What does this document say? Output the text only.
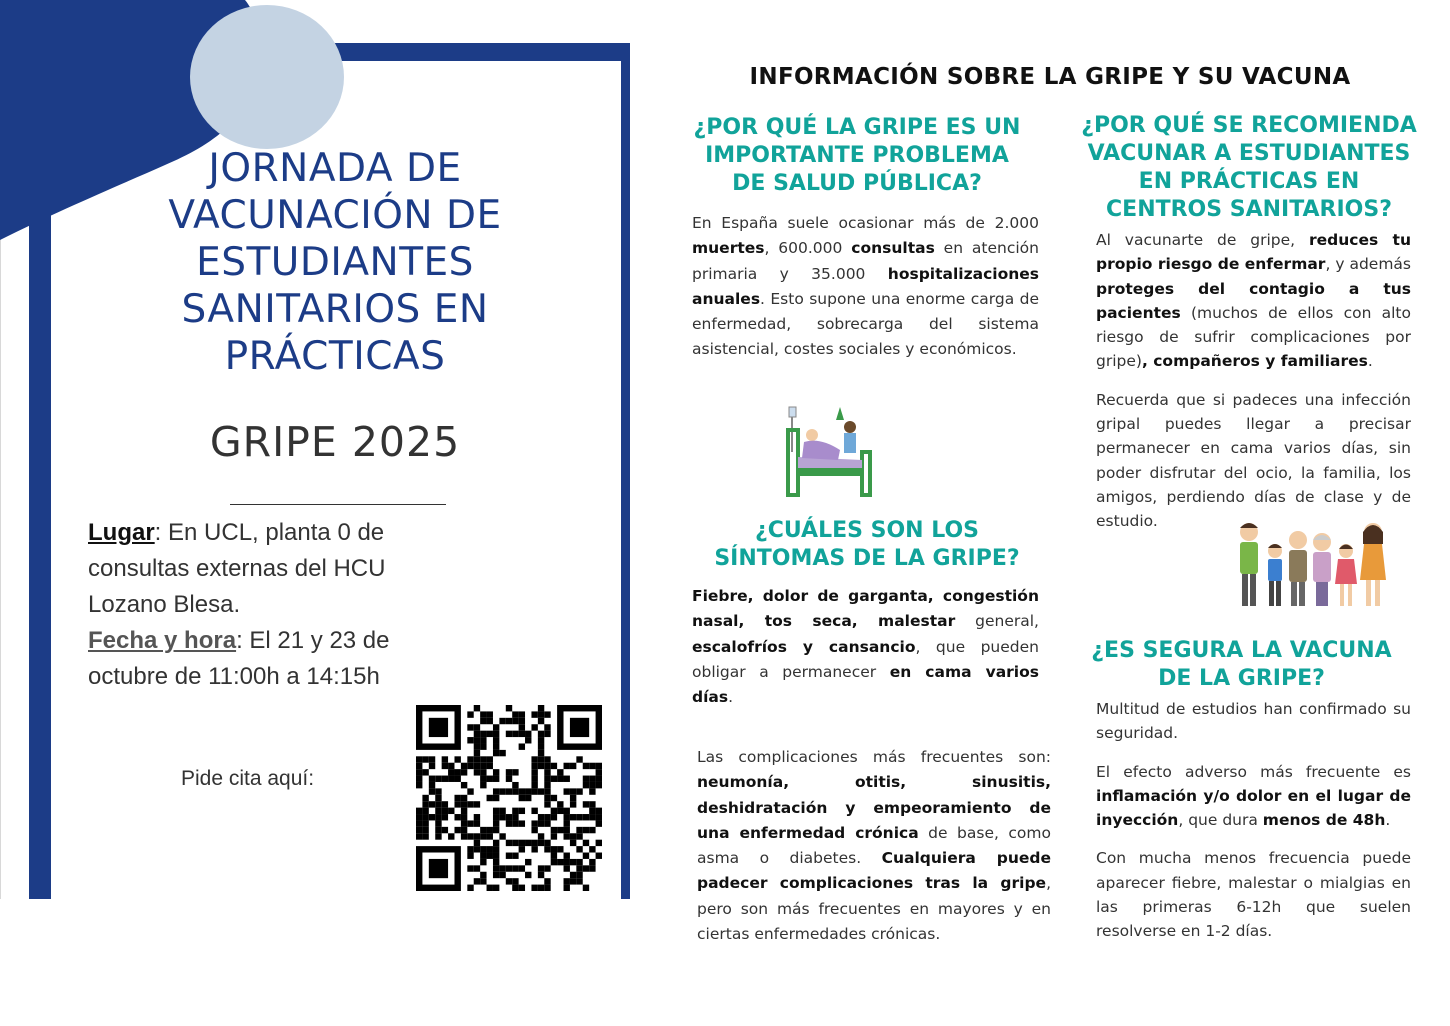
JORNADA DE
VACUNACIÓN DE
ESTUDIANTES
SANITARIOS EN
PRÁCTICAS
GRIPE 2025

Lugar: En UCL, planta 0 de consultas externas del HCU Lozano Blesa.

Fecha y hora: El 21 y 23 de octubre de 11:00h a 14:15h

Pide cita aquí:
INFORMACIÓN SOBRE LA GRIPE Y SU VACUNA
¿POR QUÉ LA GRIPE ES UN
IMPORTANTE PROBLEMA
DE SALUD PÚBLICA?

En España suele ocasionar más de 2.000 muertes, 600.000 consultas en atención primaria y 35.000 hospitalizaciones anuales. Esto supone una enorme carga de enfermedad, sobrecarga del sistema asistencial, costes sociales y económicos.

¿CUÁLES SON LOS
SÍNTOMAS DE LA GRIPE?

Fiebre, dolor de garganta, congestión nasal, tos seca, malestar general, escalofríos y cansancio, que pueden obligar a permanecer en cama varios días.

Las complicaciones más frecuentes son: neumonía, otitis, sinusitis, deshidratación y empeoramiento de una enfermedad crónica de base, como asma o diabetes. Cualquiera puede padecer complicaciones tras la gripe, pero son más frecuentes en mayores y en ciertas enfermedades crónicas.

¿POR QUÉ SE RECOMIENDA
VACUNAR A ESTUDIANTES
EN PRÁCTICAS EN
CENTROS SANITARIOS?

Al vacunarte de gripe, reduces tu propio riesgo de enfermar, y además proteges del contagio a tus pacientes (muchos de ellos con alto riesgo de sufrir complicaciones por gripe), compañeros y familiares.

Recuerda que si padeces una infección gripal puedes llegar a precisar permanecer en cama varios días, sin poder disfrutar del ocio, la familia, los amigos, perdiendo días de clase y de estudio.

¿ES SEGURA LA VACUNA
DE LA GRIPE?

Multitud de estudios han confirmado su seguridad.

El efecto adverso más frecuente es inflamación y/o dolor en el lugar de inyección, que dura menos de 48h.

Con mucha menos frecuencia puede aparecer fiebre, malestar o mialgias en las primeras 6-12h que suelen resolverse en 1-2 días.
